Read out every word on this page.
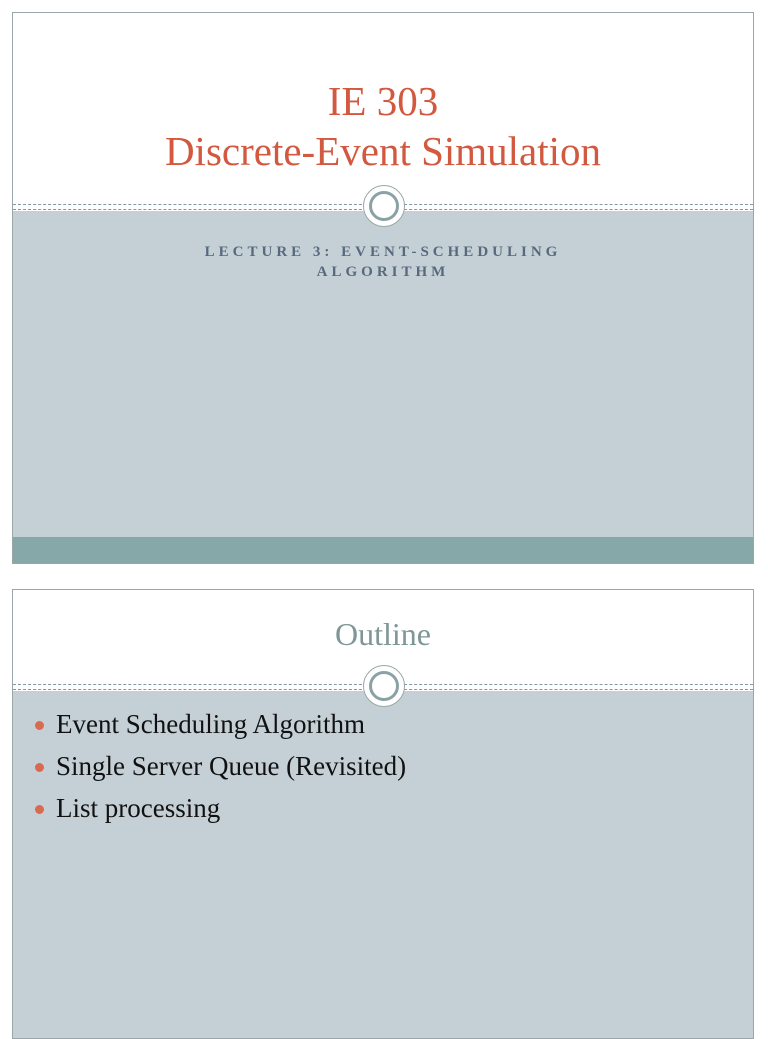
IE 303
Discrete-Event Simulation
LECTURE 3: EVENT-SCHEDULING
ALGORITHM
Outline
Event Scheduling Algorithm
Single Server Queue (Revisited)
List processing
